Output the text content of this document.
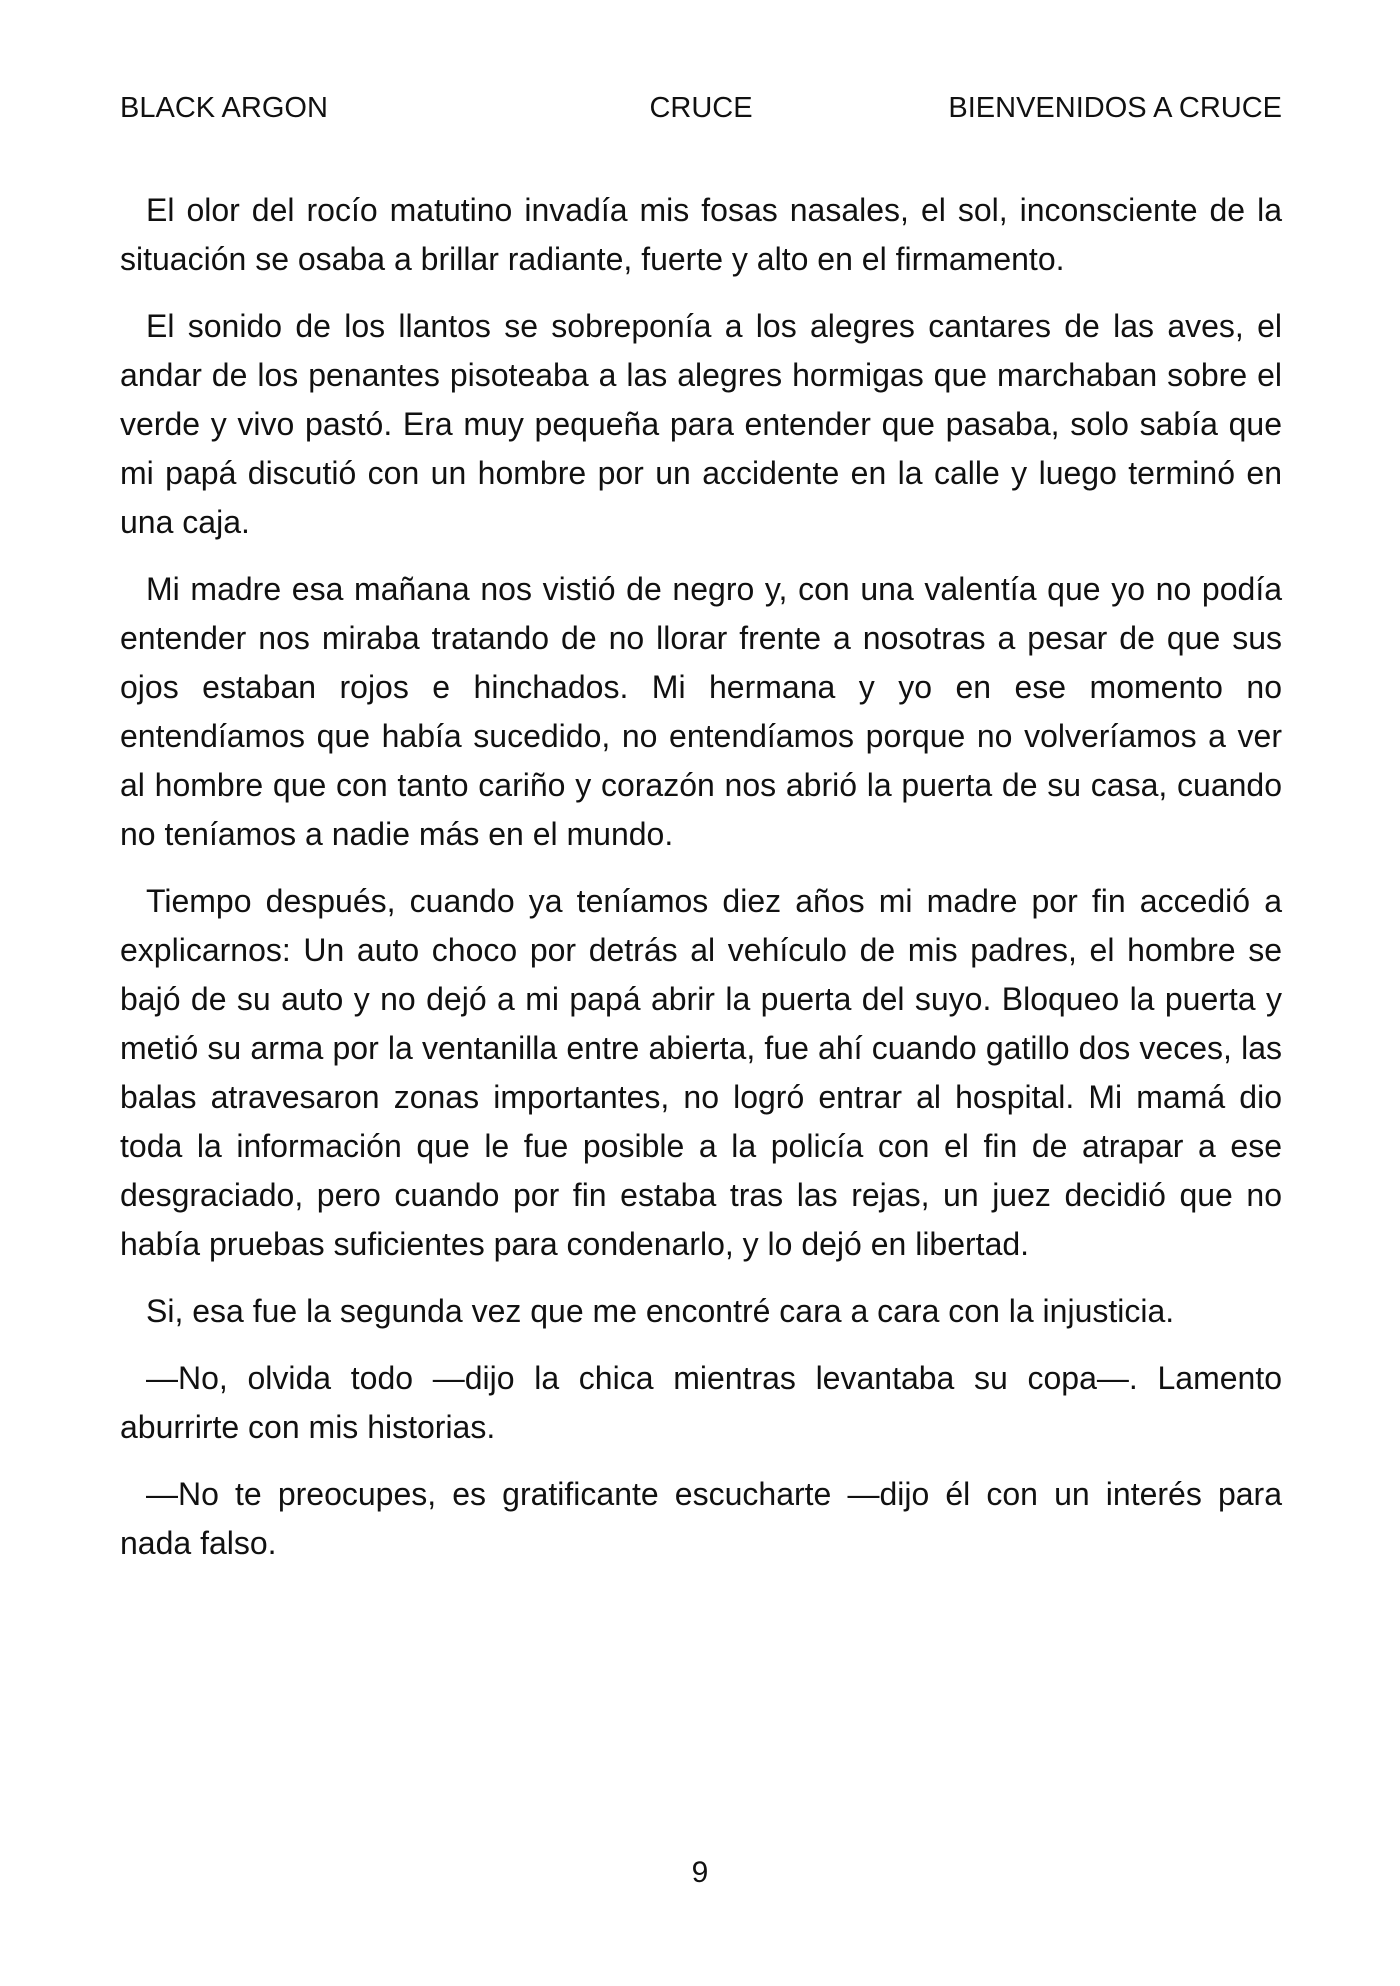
BLACK ARGON	CRUCE	BIENVENIDOS A CRUCE

El olor del rocío matutino invadía mis fosas nasales, el sol, inconsciente de la situación se osaba a brillar radiante, fuerte y alto en el firmamento.

El sonido de los llantos se sobreponía a los alegres cantares de las aves, el andar de los penantes pisoteaba a las alegres hormigas que marchaban sobre el verde y vivo pastó. Era muy pequeña para entender que pasaba, solo sabía que mi papá discutió con un hombre por un accidente en la calle y luego terminó en una caja.

Mi madre esa mañana nos vistió de negro y, con una valentía que yo no podía entender nos miraba tratando de no llorar frente a nosotras a pesar de que sus ojos estaban rojos e hinchados. Mi hermana y yo en ese momento no entendíamos que había sucedido, no entendíamos porque no volveríamos a ver al hombre que con tanto cariño y corazón nos abrió la puerta de su casa, cuando no teníamos a nadie más en el mundo.

Tiempo después, cuando ya teníamos diez años mi madre por fin accedió a explicarnos: Un auto choco por detrás al vehículo de mis padres, el hombre se bajó de su auto y no dejó a mi papá abrir la puerta del suyo. Bloqueo la puerta y metió su arma por la ventanilla entre abierta, fue ahí cuando gatillo dos veces, las balas atravesaron zonas importantes, no logró entrar al hospital. Mi mamá dio toda la información que le fue posible a la policía con el fin de atrapar a ese desgraciado, pero cuando por fin estaba tras las rejas, un juez decidió que no había pruebas suficientes para condenarlo, y lo dejó en libertad.

Si, esa fue la segunda vez que me encontré cara a cara con la injusticia.

—No, olvida todo —dijo la chica mientras levantaba su copa—. Lamento aburrirte con mis historias.

—No te preocupes, es gratificante escucharte —dijo él con un interés para nada falso.

9
